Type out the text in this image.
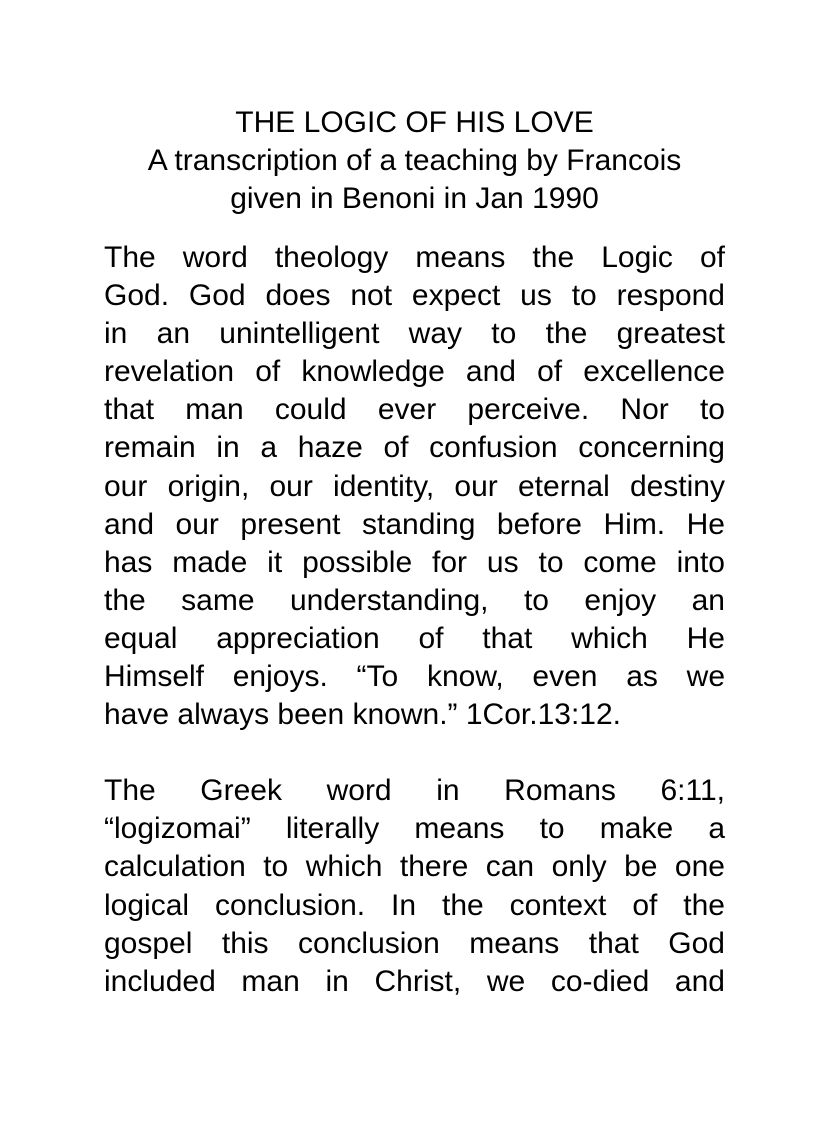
THE LOGIC OF HIS LOVE
A transcription of a teaching by Francois
given in Benoni in Jan 1990
The word theology means the Logic of
God. God does not expect us to respond
in an unintelligent way to the greatest
revelation of knowledge and of excellence
that man could ever perceive. Nor to
remain in a haze of confusion concerning
our origin, our identity, our eternal destiny
and our present standing before Him. He
has made it possible for us to come into
the same understanding, to enjoy an
equal appreciation of that which He
Himself enjoys. “To know, even as we
have always been known.” 1Cor.13:12.
The Greek word in Romans 6:11,
“logizomai” literally means to make a
calculation to which there can only be one
logical conclusion. In the context of the
gospel this conclusion means that God
included man in Christ, we co-died and
